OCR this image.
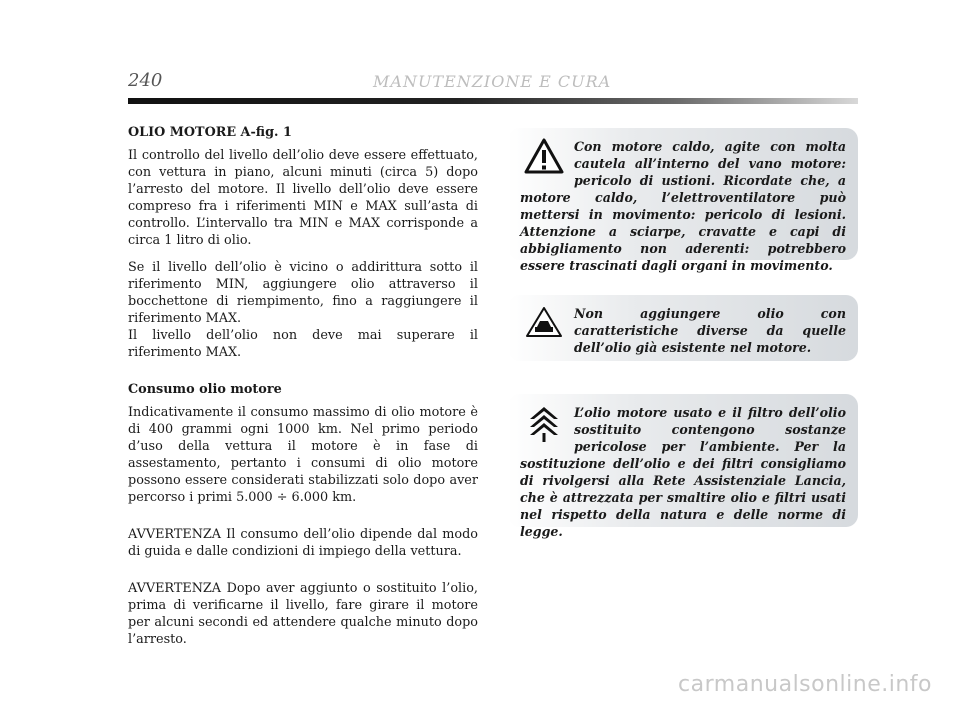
240	MANUTENZIONE E CURA

OLIO MOTORE A-fig. 1

Il controllo del livello dell’olio deve essere effettuato, con vettura in piano, alcuni minuti (circa 5) dopo l’arresto del motore. Il livello dell’olio deve essere compreso fra i riferimenti MIN e MAX sull’asta di controllo. L’intervallo tra MIN e MAX corrisponde a circa 1 litro di olio.

Se il livello dell’olio è vicino o addirittura sotto il riferimento MIN, aggiungere olio attraverso il bocchettone di riempimento, fino a raggiungere il riferimento MAX.

Il livello dell’olio non deve mai superare il riferimento MAX.

Consumo olio motore

Indicativamente il consumo massimo di olio motore è di 400 grammi ogni 1000 km. Nel primo periodo d’uso della vettura il motore è in fase di assestamento, pertanto i consumi di olio motore possono essere considerati stabilizzati solo dopo aver percorso i primi 5.000 ÷ 6.000 km.

AVVERTENZA Il consumo dell’olio dipende dal modo di guida e dalle condizioni di impiego della vettura.

AVVERTENZA Dopo aver aggiunto o sostituito l’olio, prima di verificarne il livello, fare girare il motore per alcuni secondi ed attendere qualche minuto dopo l’arresto.

Con motore caldo, agite con molta cautela all’interno del vano motore: pericolo di ustioni. Ricordate che, a motore caldo, l’elettroventilatore può mettersi in movimento: pericolo di lesioni. Attenzione a sciarpe, cravatte e capi di abbigliamento non aderenti: potrebbero essere trascinati dagli organi in movimento.
Non aggiungere olio con caratteristiche diverse da quelle dell’olio già esistente nel motore.
L’olio motore usato e il filtro dell’olio sostituito contengono sostanze pericolose per l’ambiente. Per la sostituzione dell’olio e dei filtri consigliamo di rivolgersi alla Rete Assistenziale Lancia, che è attrezzata per smaltire olio e filtri usati nel rispetto della natura e delle norme di legge.
carmanualsonline.info
